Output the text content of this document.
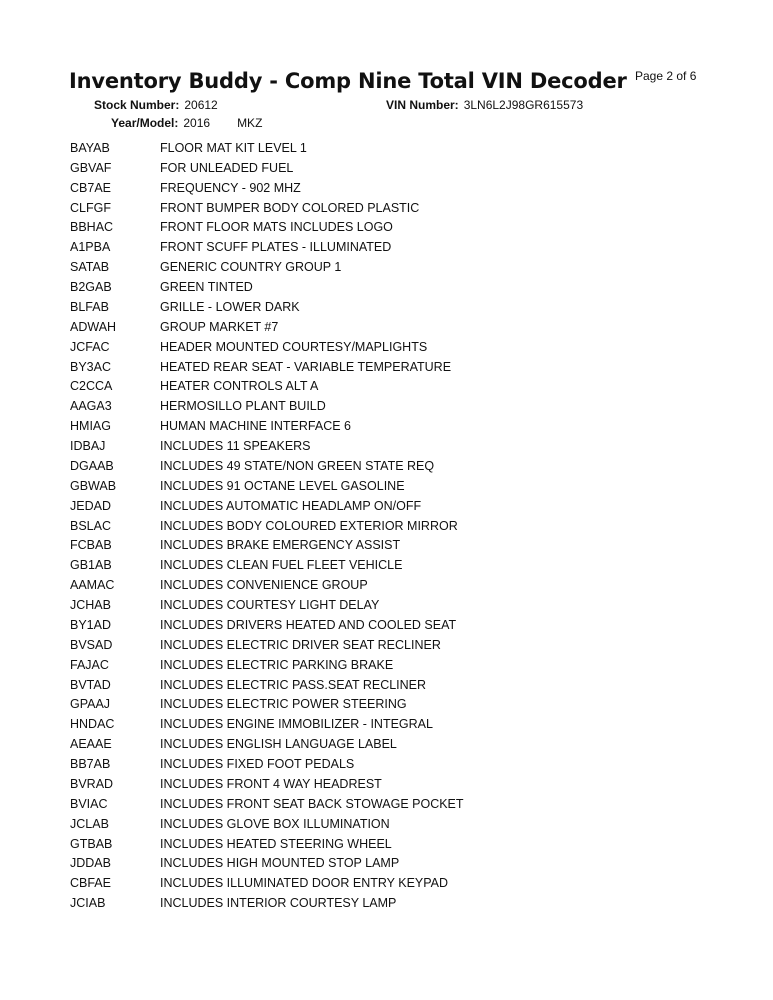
Inventory Buddy - Comp Nine Total VIN Decoder Page 2 of 6
Stock Number: 20612	VIN Number: 3LN6L2J98GR615573
Year/Model: 2016 MKZ
BAYAB	FLOOR MAT KIT LEVEL 1
GBVAF	FOR UNLEADED FUEL
CB7AE	FREQUENCY - 902 MHZ
CLFGF	FRONT BUMPER BODY COLORED PLASTIC
BBHAC	FRONT FLOOR MATS INCLUDES LOGO
A1PBA	FRONT SCUFF PLATES - ILLUMINATED
SATAB	GENERIC COUNTRY GROUP 1
B2GAB	GREEN TINTED
BLFAB	GRILLE - LOWER DARK
ADWAH	GROUP MARKET #7
JCFAC	HEADER MOUNTED COURTESY/MAPLIGHTS
BY3AC	HEATED REAR SEAT - VARIABLE TEMPERATURE
C2CCA	HEATER CONTROLS ALT A
AAGA3	HERMOSILLO PLANT BUILD
HMIAG	HUMAN MACHINE INTERFACE 6
IDBAJ	INCLUDES 11 SPEAKERS
DGAAB	INCLUDES 49 STATE/NON GREEN STATE REQ
GBWAB	INCLUDES 91 OCTANE LEVEL GASOLINE
JEDAD	INCLUDES AUTOMATIC HEADLAMP ON/OFF
BSLAC	INCLUDES BODY COLOURED EXTERIOR MIRROR
FCBAB	INCLUDES BRAKE EMERGENCY ASSIST
GB1AB	INCLUDES CLEAN FUEL FLEET VEHICLE
AAMAC	INCLUDES CONVENIENCE GROUP
JCHAB	INCLUDES COURTESY LIGHT DELAY
BY1AD	INCLUDES DRIVERS HEATED AND COOLED SEAT
BVSAD	INCLUDES ELECTRIC DRIVER SEAT RECLINER
FAJAC	INCLUDES ELECTRIC PARKING BRAKE
BVTAD	INCLUDES ELECTRIC PASS.SEAT RECLINER
GPAAJ	INCLUDES ELECTRIC POWER STEERING
HNDAC	INCLUDES ENGINE IMMOBILIZER - INTEGRAL
AEAAE	INCLUDES ENGLISH LANGUAGE LABEL
BB7AB	INCLUDES FIXED FOOT PEDALS
BVRAD	INCLUDES FRONT 4 WAY HEADREST
BVIAC	INCLUDES FRONT SEAT BACK STOWAGE POCKET
JCLAB	INCLUDES GLOVE BOX ILLUMINATION
GTBAB	INCLUDES HEATED STEERING WHEEL
JDDAB	INCLUDES HIGH MOUNTED STOP LAMP
CBFAE	INCLUDES ILLUMINATED DOOR ENTRY KEYPAD
JCIAB	INCLUDES INTERIOR COURTESY LAMP
